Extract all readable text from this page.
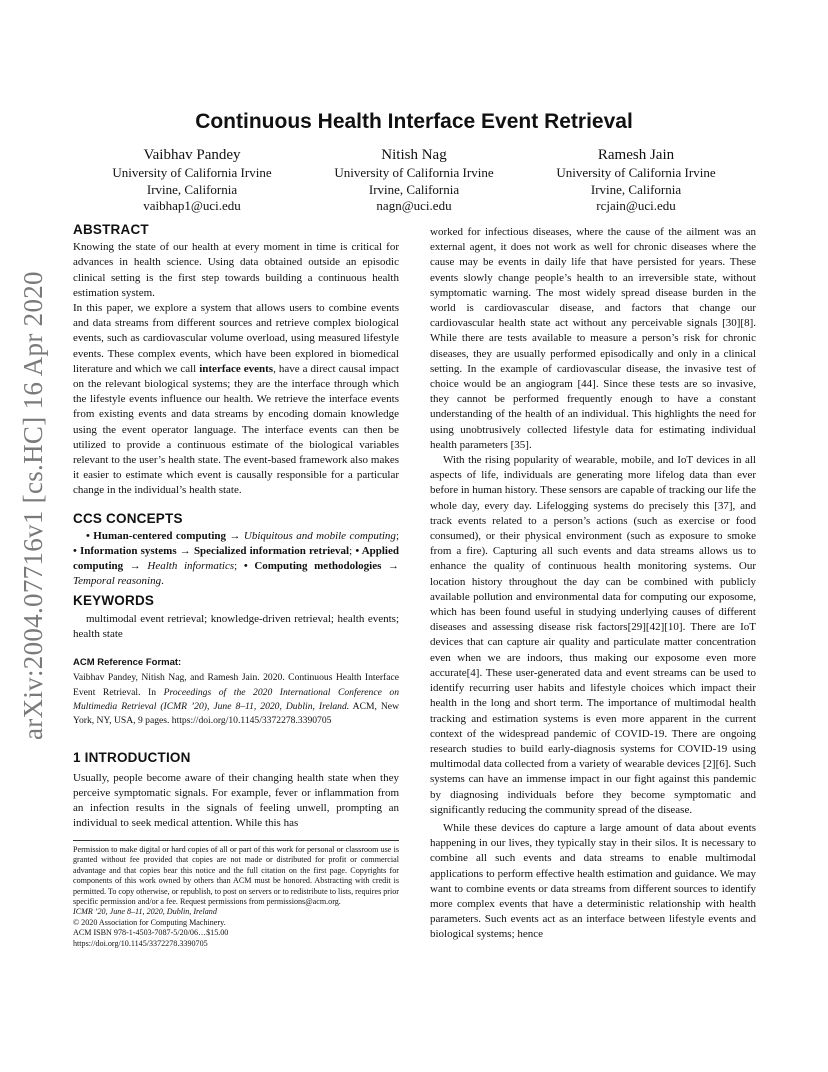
arXiv:2004.07716v1 [cs.HC] 16 Apr 2020
Continuous Health Interface Event Retrieval
Vaibhav Pandey
University of California Irvine
Irvine, California
vaibhap1@uci.edu
Nitish Nag
University of California Irvine
Irvine, California
nagn@uci.edu
Ramesh Jain
University of California Irvine
Irvine, California
rcjain@uci.edu
ABSTRACT

Knowing the state of our health at every moment in time is critical for advances in health science. Using data obtained outside an episodic clinical setting is the first step towards building a continuous health estimation system.

In this paper, we explore a system that allows users to combine events and data streams from different sources and retrieve complex biological events, such as cardiovascular volume overload, using measured lifestyle events. These complex events, which have been explored in biomedical literature and which we call interface events, have a direct causal impact on the relevant biological systems; they are the interface through which the lifestyle events influence our health. We retrieve the interface events from existing events and data streams by encoding domain knowledge using the event operator language. The interface events can then be utilized to provide a continuous estimate of the biological variables relevant to the user’s health state. The event-based framework also makes it easier to estimate which event is causally responsible for a particular change in the individual’s health state.

CCS CONCEPTS

• Human-centered computing → Ubiquitous and mobile computing; • Information systems → Specialized information retrieval; • Applied computing → Health informatics; • Computing methodologies → Temporal reasoning.

KEYWORDS

multimodal event retrieval; knowledge-driven retrieval; health events; health state

ACM Reference Format:

Vaibhav Pandey, Nitish Nag, and Ramesh Jain. 2020. Continuous Health Interface Event Retrieval. In Proceedings of the 2020 International Conference on Multimedia Retrieval (ICMR ’20), June 8–11, 2020, Dublin, Ireland. ACM, New York, NY, USA, 9 pages. https://doi.org/10.1145/3372278.3390705

1 INTRODUCTION

Usually, people become aware of their changing health state when they perceive symptomatic signals. For example, fever or inflammation from an infection results in the signals of feeling unwell, prompting an individual to seek medical attention. While this has

Permission to make digital or hard copies of all or part of this work for personal or classroom use is granted without fee provided that copies are not made or distributed for profit or commercial advantage and that copies bear this notice and the full citation on the first page. Copyrights for components of this work owned by others than ACM must be honored. Abstracting with credit is permitted. To copy otherwise, or republish, to post on servers or to redistribute to lists, requires prior specific permission and/or a fee. Request permissions from permissions@acm.org.

ICMR ’20, June 8–11, 2020, Dublin, Ireland

© 2020 Association for Computing Machinery.

ACM ISBN 978-1-4503-7087-5/20/06…$15.00

https://doi.org/10.1145/3372278.3390705

worked for infectious diseases, where the cause of the ailment was an external agent, it does not work as well for chronic diseases where the cause may be events in daily life that have persisted for years. These events slowly change people’s health to an irreversible state, without symptomatic warning. The most widely spread disease burden in the world is cardiovascular disease, and factors that change our cardiovascular health state act without any perceivable signals [30][8]. While there are tests available to measure a person’s risk for chronic diseases, they are usually performed episodically and only in a clinical setting. In the example of cardiovascular disease, the invasive test of choice would be an angiogram [44]. Since these tests are so invasive, they cannot be performed frequently enough to have a constant understanding of the health of an individual. This highlights the need for using unobtrusively collected lifestyle data for estimating individual health parameters [35].

With the rising popularity of wearable, mobile, and IoT devices in all aspects of life, individuals are generating more lifelog data than ever before in human history. These sensors are capable of tracking our life the whole day, every day. Lifelogging systems do precisely this [37], and track events related to a person’s actions (such as exercise or food consumed), or their physical environment (such as exposure to smoke from a fire). Capturing all such events and data streams allows us to enhance the quality of continuous health monitoring systems. Our location history throughout the day can be combined with publicly available pollution and environmental data for computing our exposome, which has been found useful in studying underlying causes of different diseases and assessing disease risk factors[29][42][10]. There are IoT devices that can capture air quality and particulate matter concentration even when we are indoors, thus making our exposome even more accurate[4]. These user-generated data and event streams can be used to identify recurring user habits and lifestyle choices which impact their health in the long and short term. The importance of multimodal health tracking and estimation systems is even more apparent in the current context of the widespread pandemic of COVID-19. There are ongoing research studies to build early-diagnosis systems for COVID-19 using multimodal data collected from a variety of wearable devices [2][6]. Such systems can have an immense impact in our fight against this pandemic by diagnosing individuals before they become symptomatic and significantly reducing the community spread of the disease.

While these devices do capture a large amount of data about events happening in our lives, they typically stay in their silos. It is necessary to combine all such events and data streams to enable multimodal applications to perform effective health estimation and guidance. We may want to combine events or data streams from different sources to identify more complex events that have a deterministic relationship with health parameters. Such events act as an interface between lifestyle events and biological systems; hence
